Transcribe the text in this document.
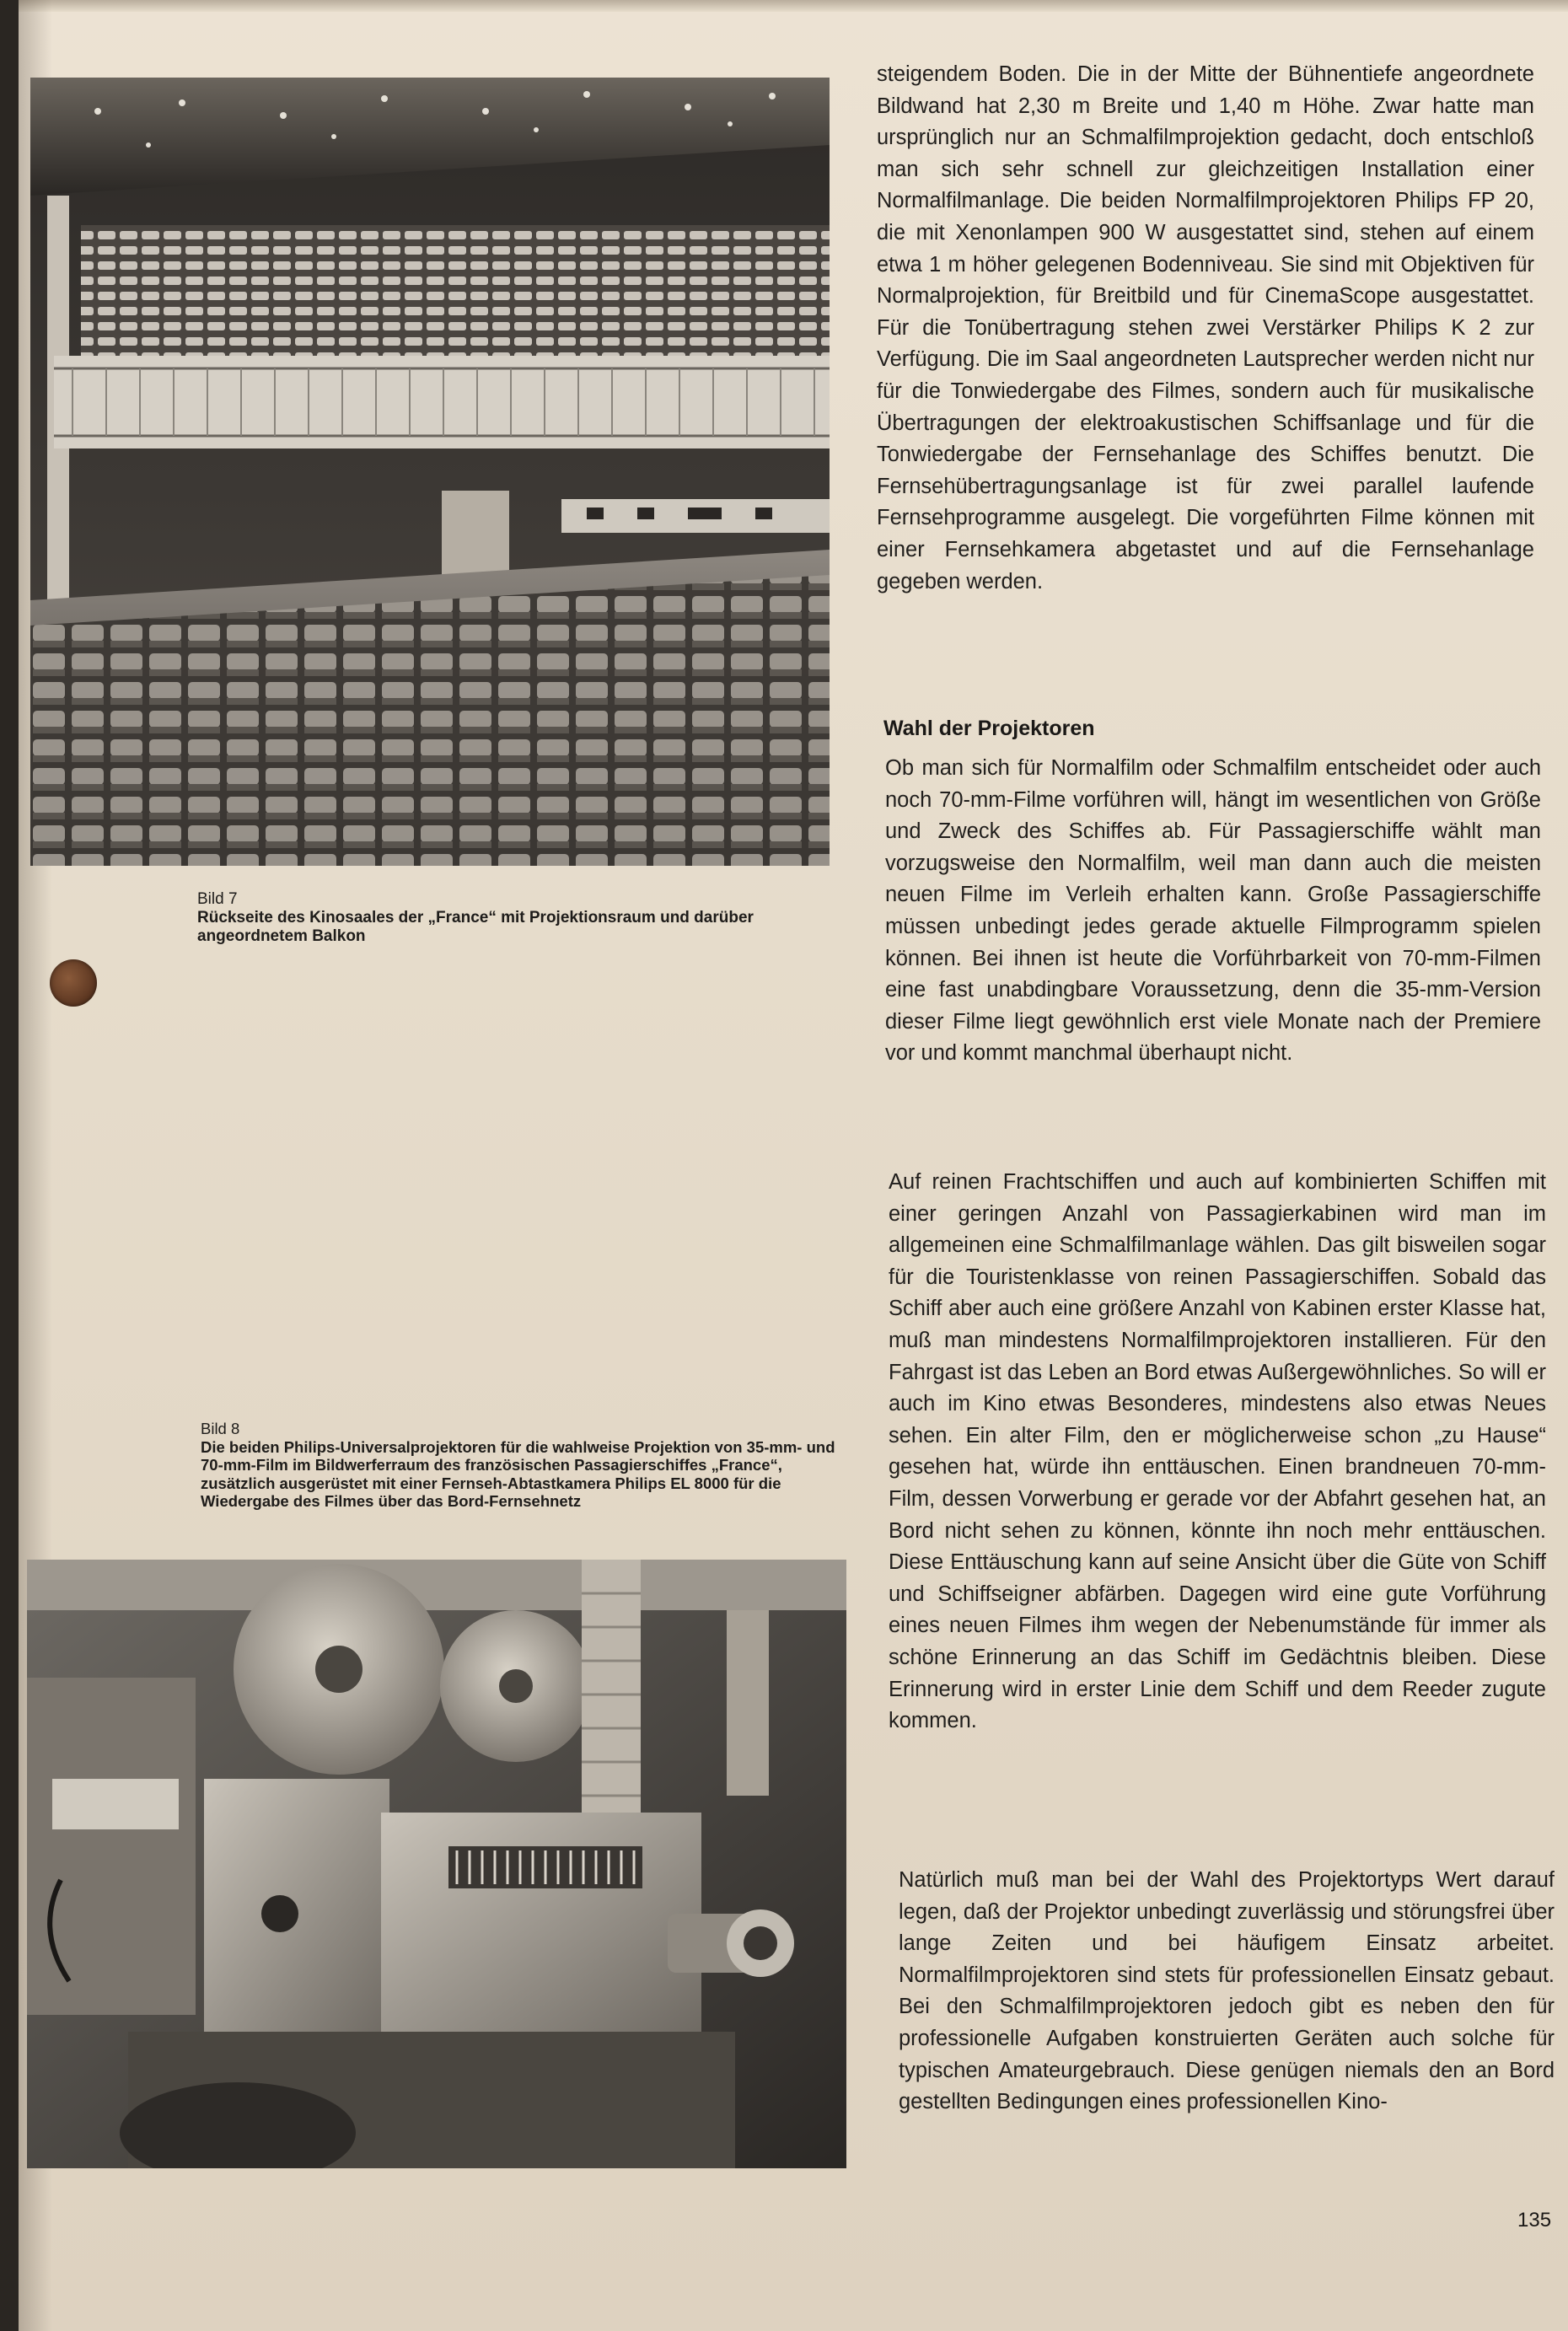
Bild 7
Rückseite des Kinosaales der „France“ mit Projektionsraum und darüber angeordnetem Balkon
Bild 8
Die beiden Philips-Universalprojektoren für die wahlweise Projektion von 35-mm- und 70-mm-Film im Bildwerferraum des französischen Passagierschiffes „France“, zusätzlich ausgerüstet mit einer Fernseh-Abtastkamera Philips EL 8000 für die Wiedergabe des Filmes über das Bord-Fernsehnetz

steigendem Boden. Die in der Mitte der Bühnentiefe angeordnete Bildwand hat 2,30 m Breite und 1,40 m Höhe. Zwar hatte man ursprünglich nur an Schmalfilmprojektion gedacht, doch entschloß man sich sehr schnell zur gleichzeitigen Installation einer Normalfilmanlage. Die beiden Normalfilmprojektoren Philips FP 20, die mit Xenonlampen 900 W ausgestattet sind, stehen auf einem etwa 1 m höher gelegenen Bodenniveau. Sie sind mit Objektiven für Normalprojektion, für Breitbild und für CinemaScope ausgestattet. Für die Tonübertragung stehen zwei Verstärker Philips K 2 zur Verfügung. Die im Saal angeordneten Lautsprecher werden nicht nur für die Tonwiedergabe des Filmes, sondern auch für musikalische Übertragungen der elektroakustischen Schiffsanlage und für die Tonwiedergabe der Fernsehanlage des Schiffes benutzt. Die Fernsehübertragungsanlage ist für zwei parallel laufende Fernsehprogramme ausgelegt. Die vorgeführten Filme können mit einer Fernsehkamera abgetastet und auf die Fernsehanlage gegeben werden.

Wahl der Projektoren

Ob man sich für Normalfilm oder Schmalfilm entscheidet oder auch noch 70-mm-Filme vorführen will, hängt im wesentlichen von Größe und Zweck des Schiffes ab. Für Passagierschiffe wählt man vorzugsweise den Normalfilm, weil man dann auch die meisten neuen Filme im Verleih erhalten kann. Große Passagierschiffe müssen unbedingt jedes gerade aktuelle Filmprogramm spielen können. Bei ihnen ist heute die Vorführbarkeit von 70-mm-Filmen eine fast unabdingbare Voraussetzung, denn die 35-mm-Version dieser Filme liegt gewöhnlich erst viele Monate nach der Premiere vor und kommt manchmal überhaupt nicht.

Auf reinen Frachtschiffen und auch auf kombinierten Schiffen mit einer geringen Anzahl von Passagierkabinen wird man im allgemeinen eine Schmalfilmanlage wählen. Das gilt bisweilen sogar für die Touristenklasse von reinen Passagierschiffen. Sobald das Schiff aber auch eine größere Anzahl von Kabinen erster Klasse hat, muß man mindestens Normalfilmprojektoren installieren. Für den Fahrgast ist das Leben an Bord etwas Außergewöhnliches. So will er auch im Kino etwas Besonderes, mindestens also etwas Neues sehen. Ein alter Film, den er möglicherweise schon „zu Hause“ gesehen hat, würde ihn enttäuschen. Einen brandneuen 70-mm-Film, dessen Vorwerbung er gerade vor der Abfahrt gesehen hat, an Bord nicht sehen zu können, könnte ihn noch mehr enttäuschen. Diese Enttäuschung kann auf seine Ansicht über die Güte von Schiff und Schiffseigner abfärben. Dagegen wird eine gute Vorführung eines neuen Filmes ihm wegen der Nebenumstände für immer als schöne Erinnerung an das Schiff im Gedächtnis bleiben. Diese Erinnerung wird in erster Linie dem Schiff und dem Reeder zugute kommen.

Natürlich muß man bei der Wahl des Projektortyps Wert darauf legen, daß der Projektor unbedingt zuverlässig und störungsfrei über lange Zeiten und bei häufigem Einsatz arbeitet. Normalfilmprojektoren sind stets für professionellen Einsatz gebaut. Bei den Schmalfilmprojektoren jedoch gibt es neben den für professionelle Aufgaben konstruierten Geräten auch solche für typischen Amateurgebrauch. Diese genügen niemals den an Bord gestellten Bedingungen eines professionellen Kino-

135
